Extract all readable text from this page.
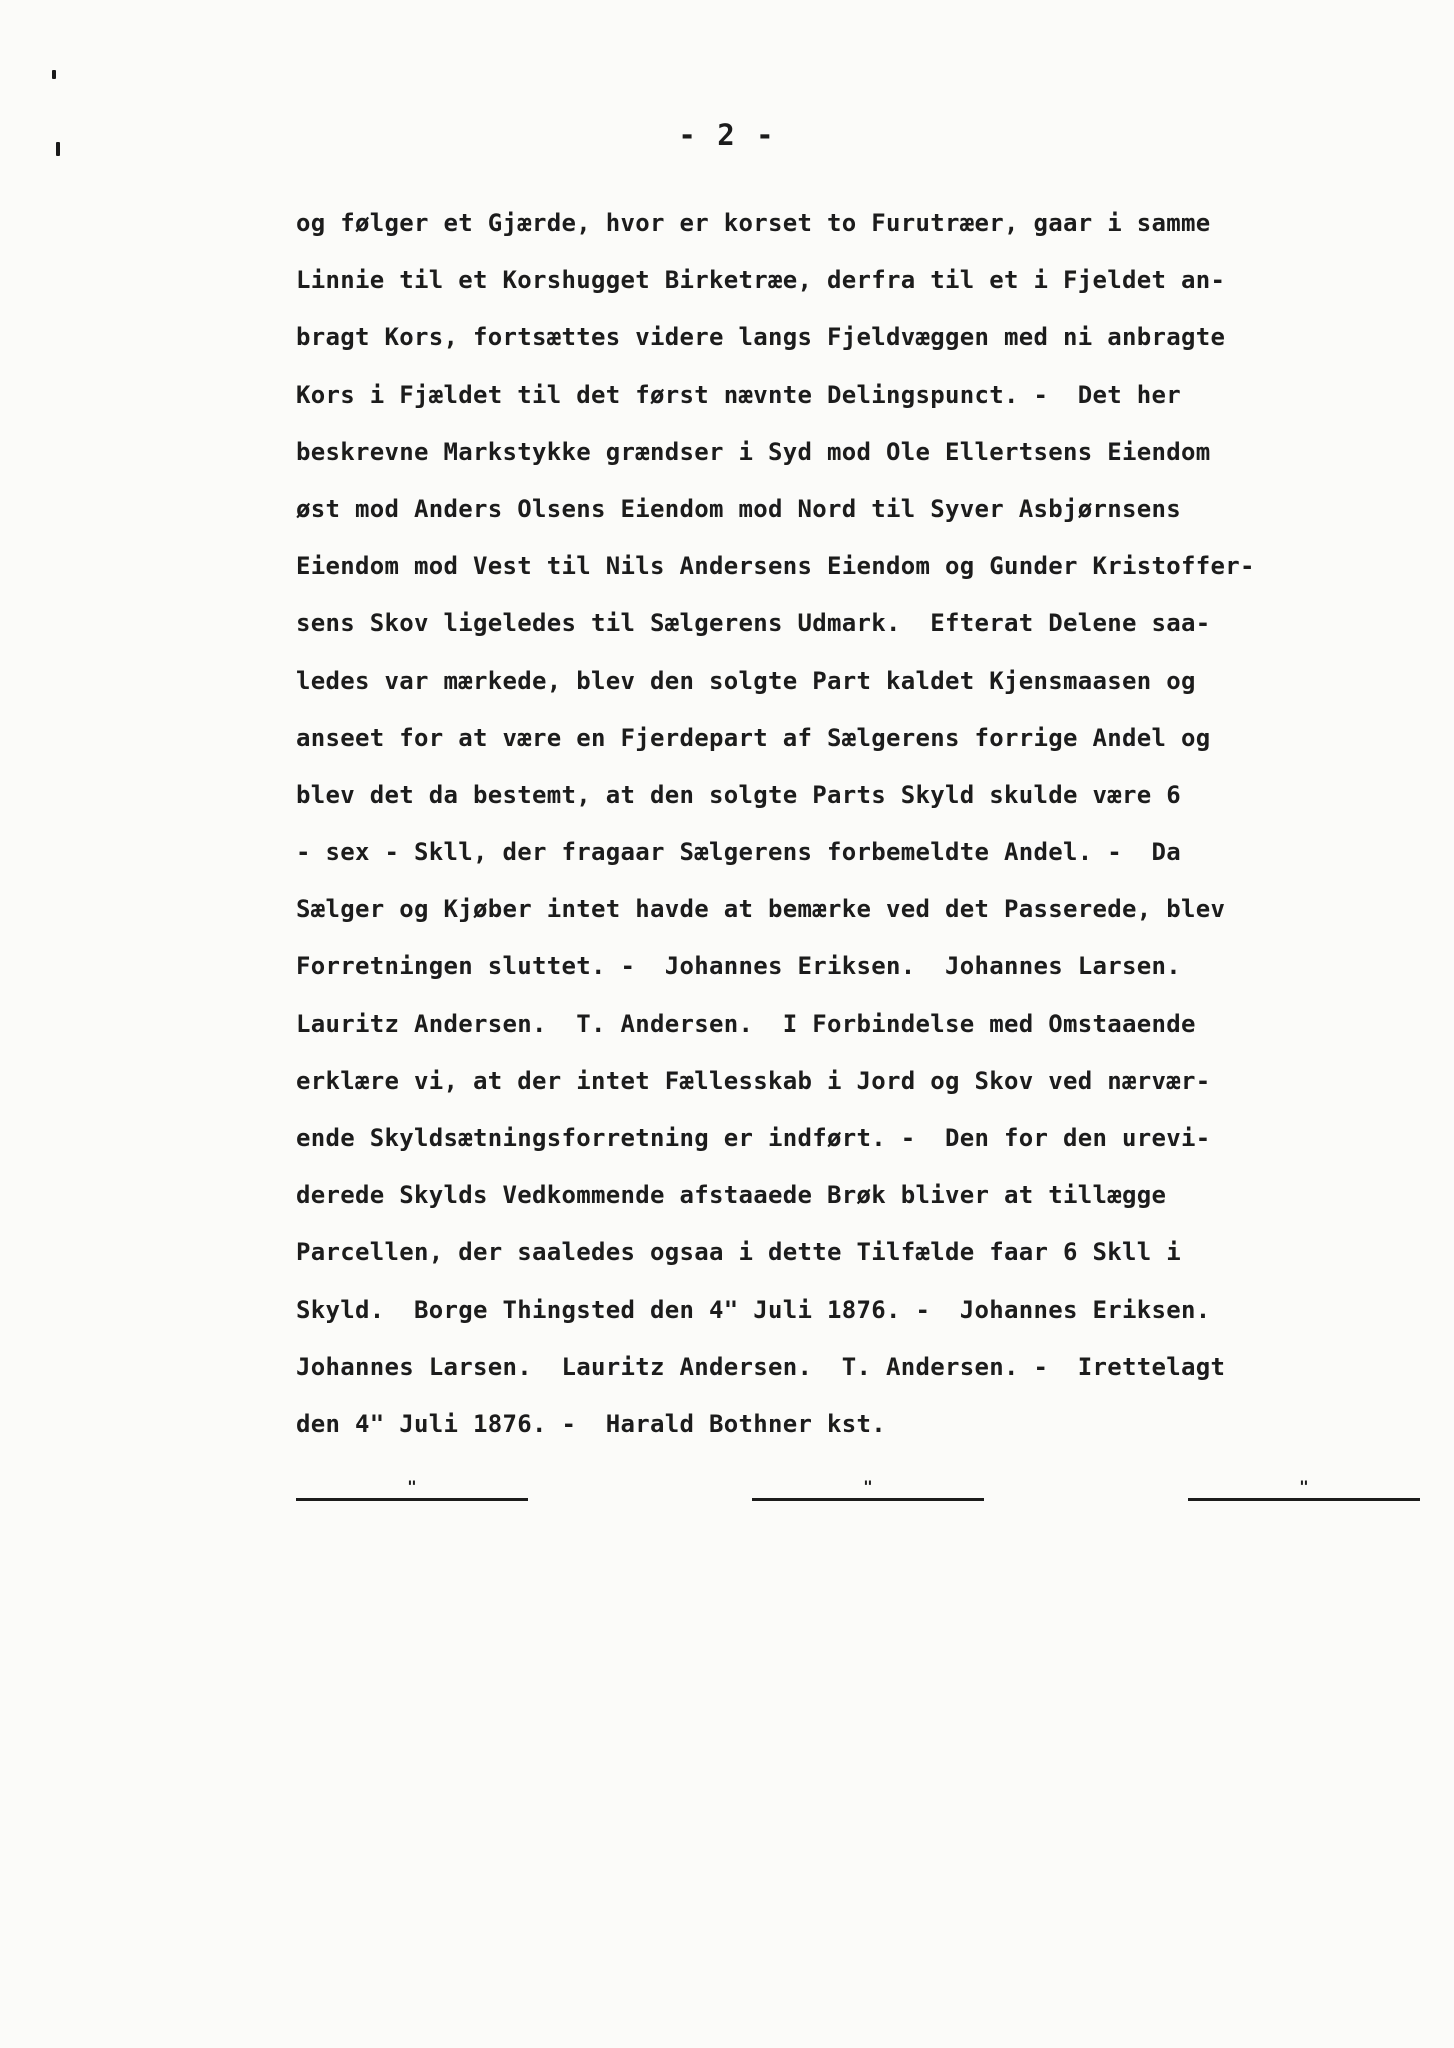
- 2 -
og følger et Gjærde, hvor er korset to Furutræer, gaar i samme
Linnie til et Korshugget Birketræe, derfra til et i Fjeldet an-
bragt Kors, fortsættes videre langs Fjeldvæggen med ni anbragte
Kors i Fjældet til det først nævnte Delingspunct. -  Det her
beskrevne Markstykke grændser i Syd mod Ole Ellertsens Eiendom
øst mod Anders Olsens Eiendom mod Nord til Syver Asbjørnsens
Eiendom mod Vest til Nils Andersens Eiendom og Gunder Kristoffer-
sens Skov ligeledes til Sælgerens Udmark.  Efterat Delene saa-
ledes var mærkede, blev den solgte Part kaldet Kjensmaasen og
anseet for at være en Fjerdepart af Sælgerens forrige Andel og
blev det da bestemt, at den solgte Parts Skyld skulde være 6
- sex - Skll, der fragaar Sælgerens forbemeldte Andel. -  Da
Sælger og Kjøber intet havde at bemærke ved det Passerede, blev
Forretningen sluttet. -  Johannes Eriksen.  Johannes Larsen.
Lauritz Andersen.  T. Andersen.  I Forbindelse med Omstaaende
erklære vi, at der intet Fællesskab i Jord og Skov ved nærvær-
ende Skyldsætningsforretning er indført. -  Den for den urevi-
derede Skylds Vedkommende afstaaede Brøk bliver at tillægge
Parcellen, der saaledes ogsaa i dette Tilfælde faar 6 Skll i
Skyld.  Borge Thingsted den 4" Juli 1876. -  Johannes Eriksen.
Johannes Larsen.  Lauritz Andersen.  T. Andersen. -  Irettelagt
den 4" Juli 1876. -  Harald Bothner kst.
"	"	"
